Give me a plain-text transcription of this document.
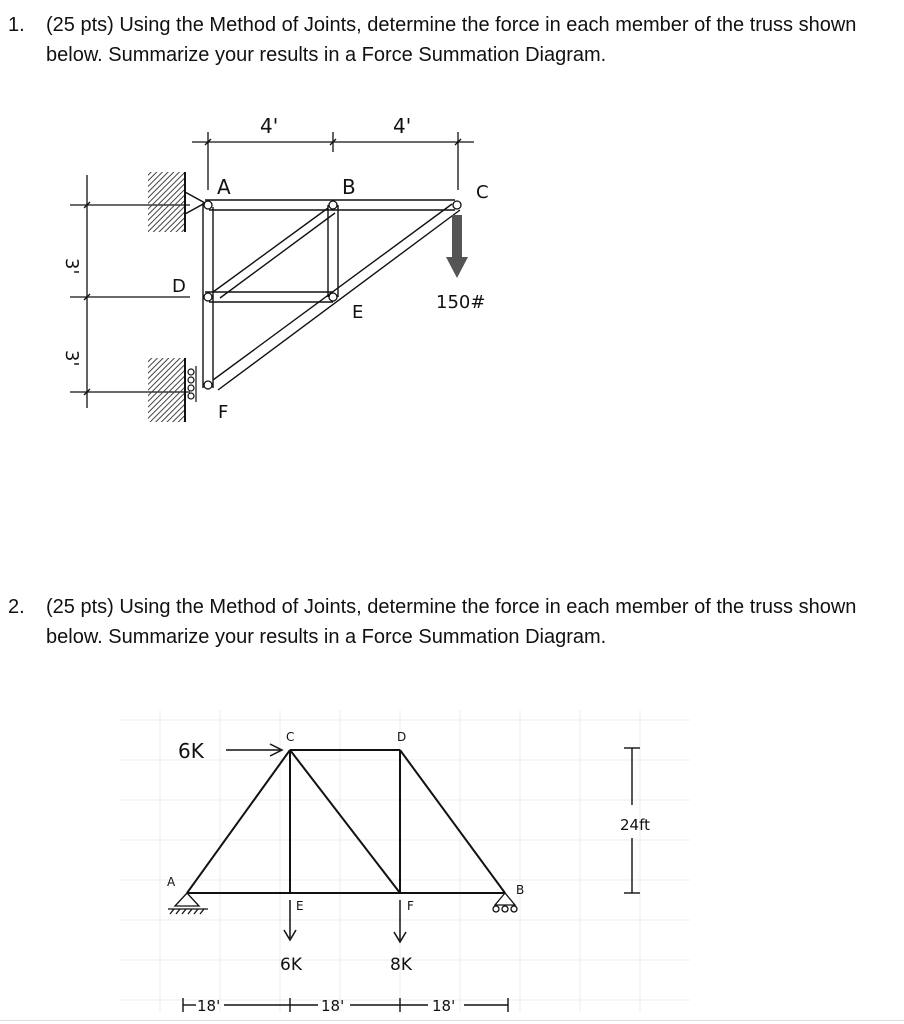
1. (25 pts) Using the Method of Joints, determine the force in each member of the truss shown below. Summarize your results in a Force Summation Diagram.
4'	4'
3'
3'
150#
A	B	C
D
E
F
2. (25 pts) Using the Method of Joints, determine the force in each member of the truss shown below. Summarize your results in a Force Summation Diagram.
6K
6K	8K
A
B
C	D
E	F
24ft
18'	18'	18'
